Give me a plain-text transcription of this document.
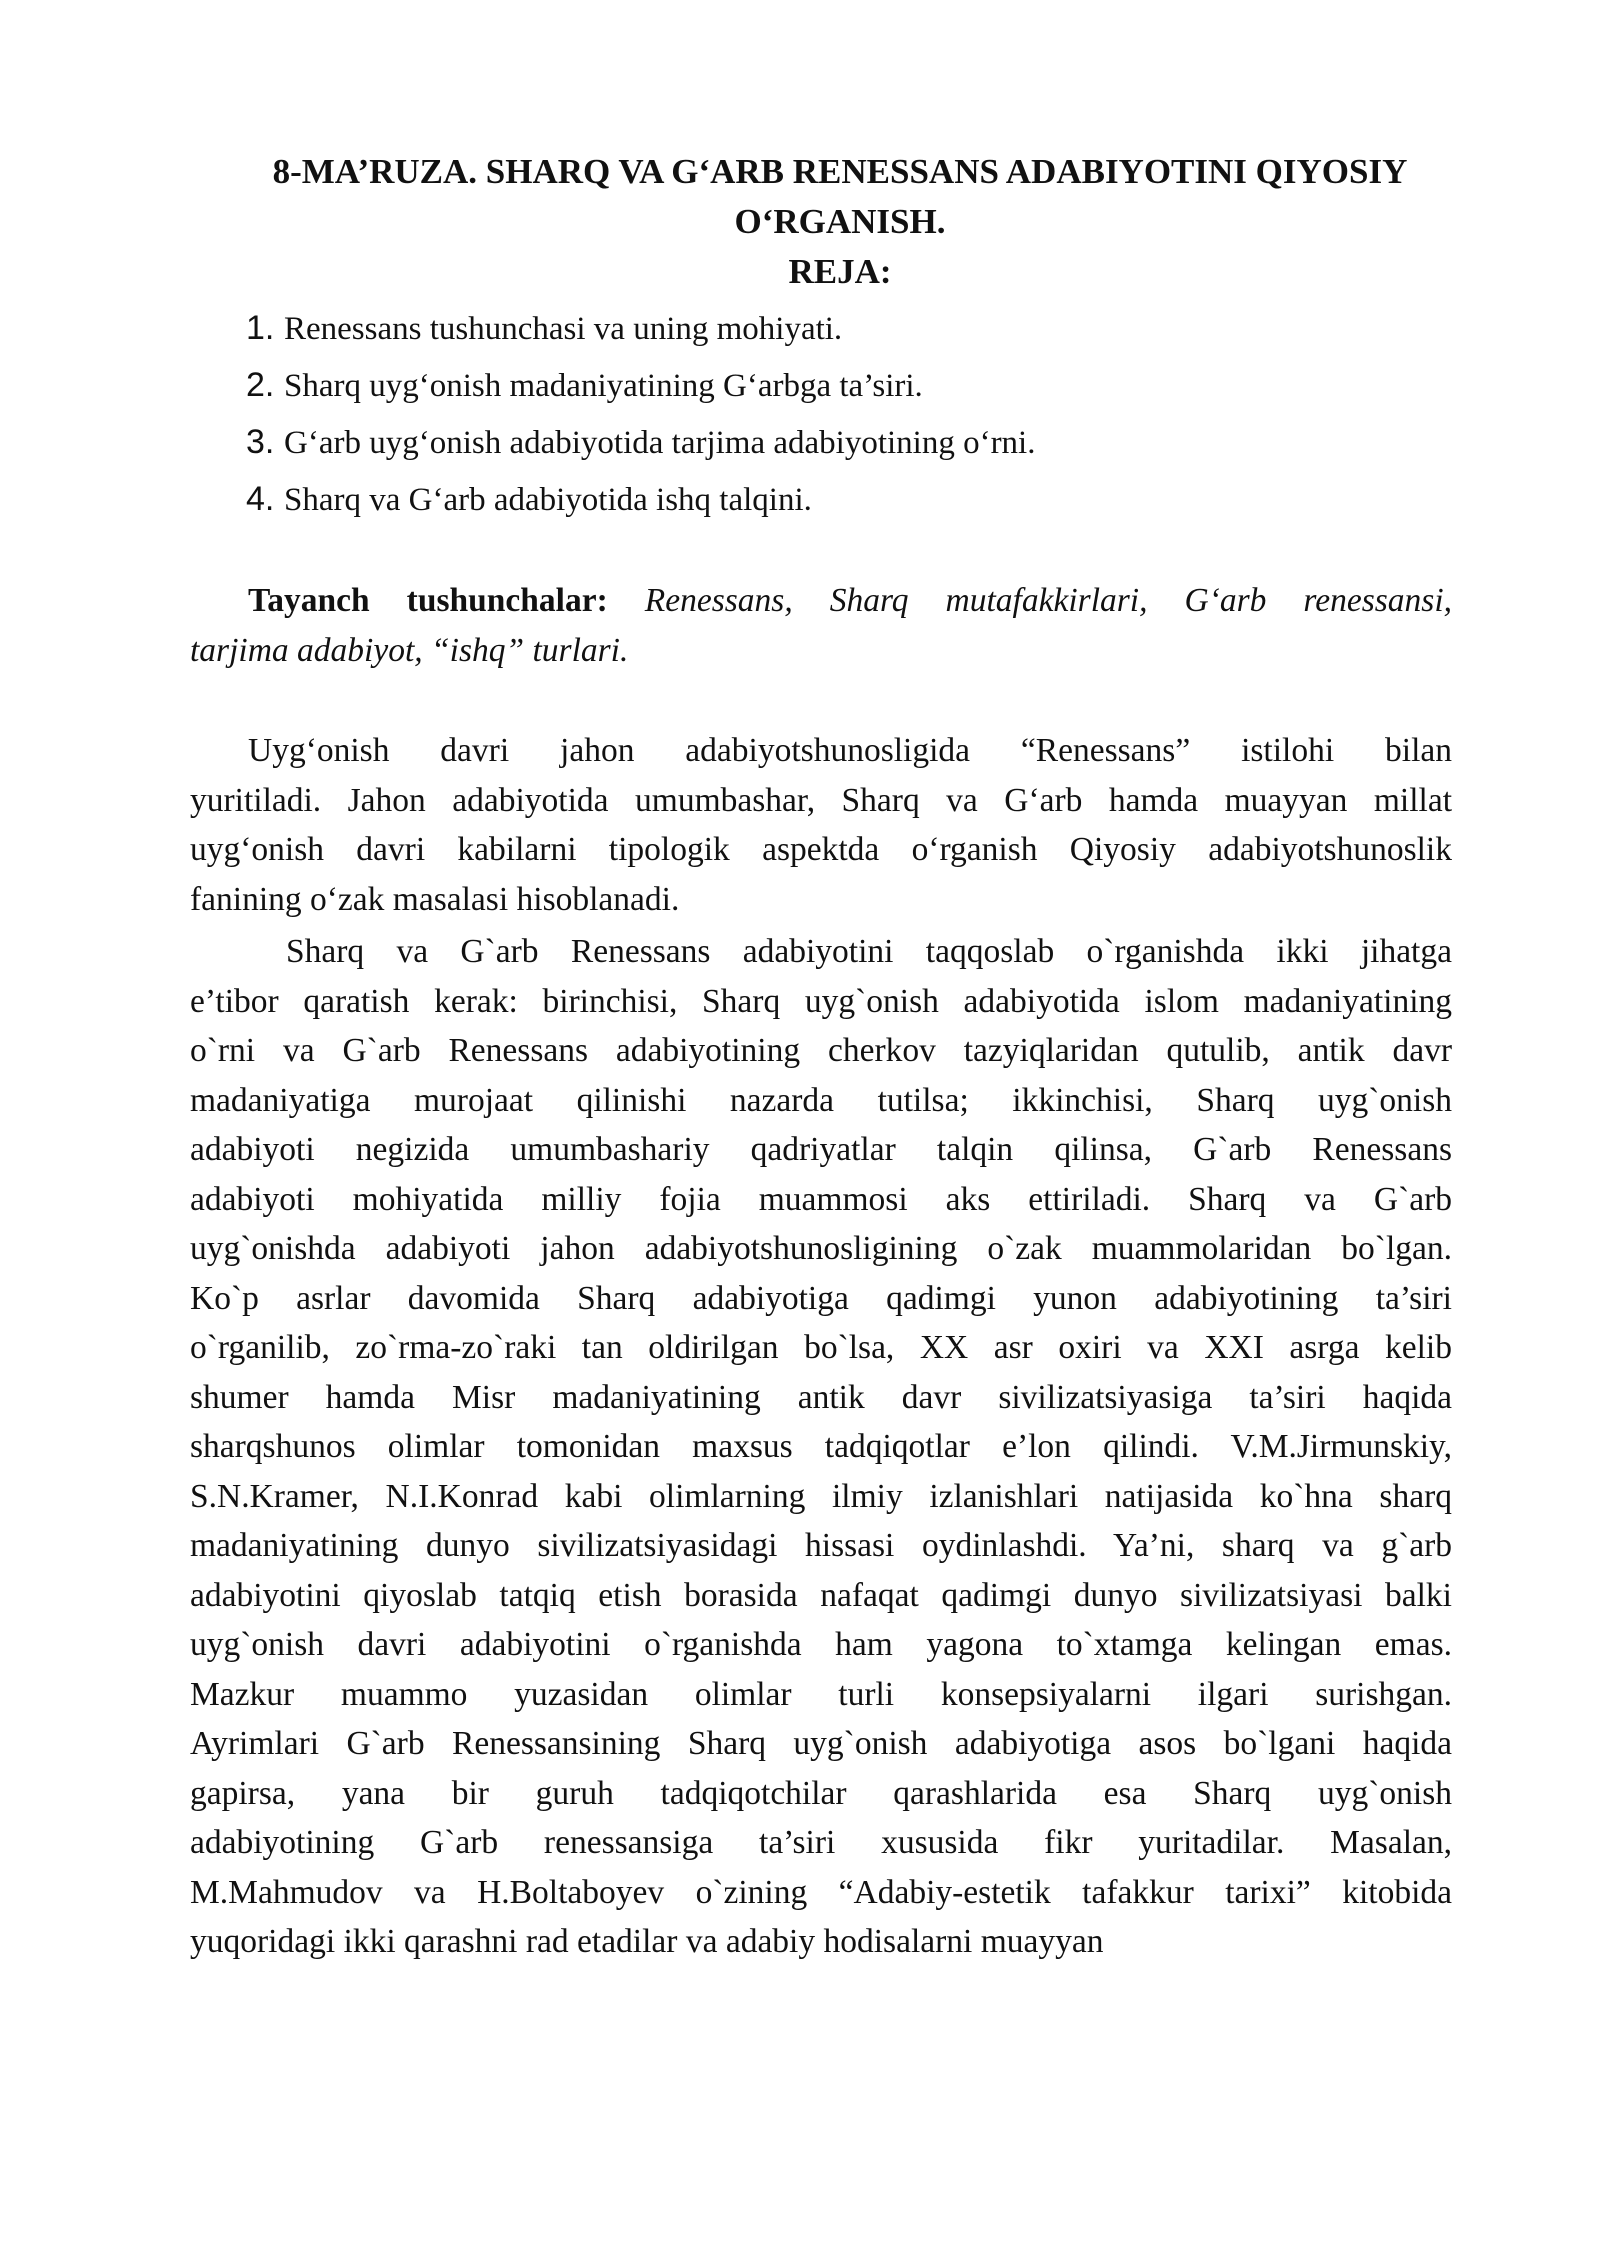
8-MA’RUZA. SHARQ VA G‘ARB RENESSANS ADABIYOTINI QIYOSIY
O‘RGANISH.
REJA:
1. Renessans tushunchasi va uning mohiyati.
2. Sharq uyg‘onish madaniyatining G‘arbga ta’siri.
3. G‘arb uyg‘onish adabiyotida tarjima adabiyotining o‘rni.
4. Sharq va G‘arb adabiyotida ishq talqini.
Tayanch tushunchalar: Renessans, Sharq mutafakkirlari, G‘arb renessansi,
tarjima adabiyot, “ishq” turlari.
Uyg‘onish davri jahon adabiyotshunosligida “Renessans” istilohi bilan
yuritiladi. Jahon adabiyotida umumbashar, Sharq va G‘arb hamda muayyan millat
uyg‘onish davri kabilarni tipologik aspektda o‘rganish Qiyosiy adabiyotshunoslik
fanining o‘zak masalasi hisoblanadi.
Sharq va G`arb Renessans adabiyotini taqqoslab o`rganishda ikki jihatga
e’tibor qaratish kerak: birinchisi, Sharq uyg`onish adabiyotida islom madaniyatining
o`rni va G`arb Renessans adabiyotining cherkov tazyiqlaridan qutulib, antik davr
madaniyatiga murojaat qilinishi nazarda tutilsa; ikkinchisi, Sharq uyg`onish
adabiyoti negizida umumbashariy qadriyatlar talqin qilinsa, G`arb Renessans
adabiyoti mohiyatida milliy fojia muammosi aks ettiriladi. Sharq va G`arb
uyg`onishda adabiyoti jahon adabiyotshunosligining o`zak muammolaridan bo`lgan.
Ko`p asrlar davomida Sharq adabiyotiga qadimgi yunon adabiyotining ta’siri
o`rganilib, zo`rma-zo`raki tan oldirilgan bo`lsa, XX asr oxiri va XXI asrga kelib
shumer hamda Misr madaniyatining antik davr sivilizatsiyasiga ta’siri haqida
sharqshunos olimlar tomonidan maxsus tadqiqotlar e’lon qilindi. V.M.Jirmunskiy,
S.N.Kramer, N.I.Konrad kabi olimlarning ilmiy izlanishlari natijasida ko`hna sharq
madaniyatining dunyo sivilizatsiyasidagi hissasi oydinlashdi. Ya’ni, sharq va g`arb
adabiyotini qiyoslab tatqiq etish borasida nafaqat qadimgi dunyo sivilizatsiyasi balki
uyg`onish davri adabiyotini o`rganishda ham yagona to`xtamga kelingan emas.
Mazkur muammo yuzasidan olimlar turli konsepsiyalarni ilgari surishgan.
Ayrimlari G`arb Renessansining Sharq uyg`onish adabiyotiga asos bo`lgani haqida
gapirsa, yana bir guruh tadqiqotchilar qarashlarida esa Sharq uyg`onish
adabiyotining G`arb renessansiga ta’siri xususida fikr yuritadilar. Masalan,
M.Mahmudov va H.Boltaboyev o`zining “Adabiy-estetik tafakkur tarixi” kitobida
yuqoridagi ikki qarashni rad etadilar va adabiy hodisalarni muayyan
